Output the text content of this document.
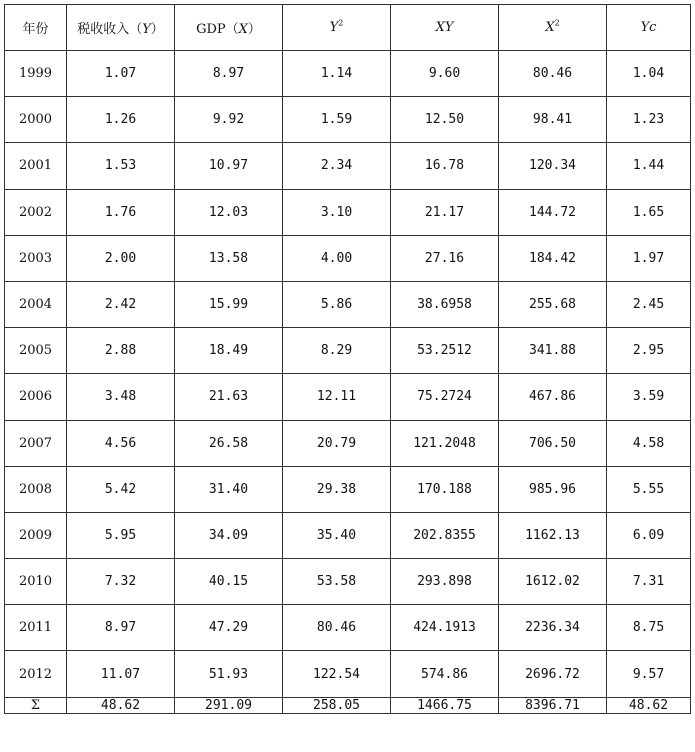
年份	税收收入（Y）	GDP（X）	$Y^2$	XY	$X^2$	Yc
1999	1.07	8.97	1.14	9.60	80.46	1.04
2000	1.26	9.92	1.59	12.50	98.41	1.23
2001	1.53	10.97	2.34	16.78	120.34	1.44
2002	1.76	12.03	3.10	21.17	144.72	1.65
2003	2.00	13.58	4.00	27.16	184.42	1.97
2004	2.42	15.99	5.86	38.6958	255.68	2.45
2005	2.88	18.49	8.29	53.2512	341.88	2.95
2006	3.48	21.63	12.11	75.2724	467.86	3.59
2007	4.56	26.58	20.79	121.2048	706.50	4.58
2008	5.42	31.40	29.38	170.188	985.96	5.55
2009	5.95	34.09	35.40	202.8355	1162.13	6.09
2010	7.32	40.15	53.58	293.898	1612.02	7.31
2011	8.97	47.29	80.46	424.1913	2236.34	8.75
2012	11.07	51.93	122.54	574.86	2696.72	9.57
Σ	48.62	291.09	258.05	1466.75	8396.71	48.62
